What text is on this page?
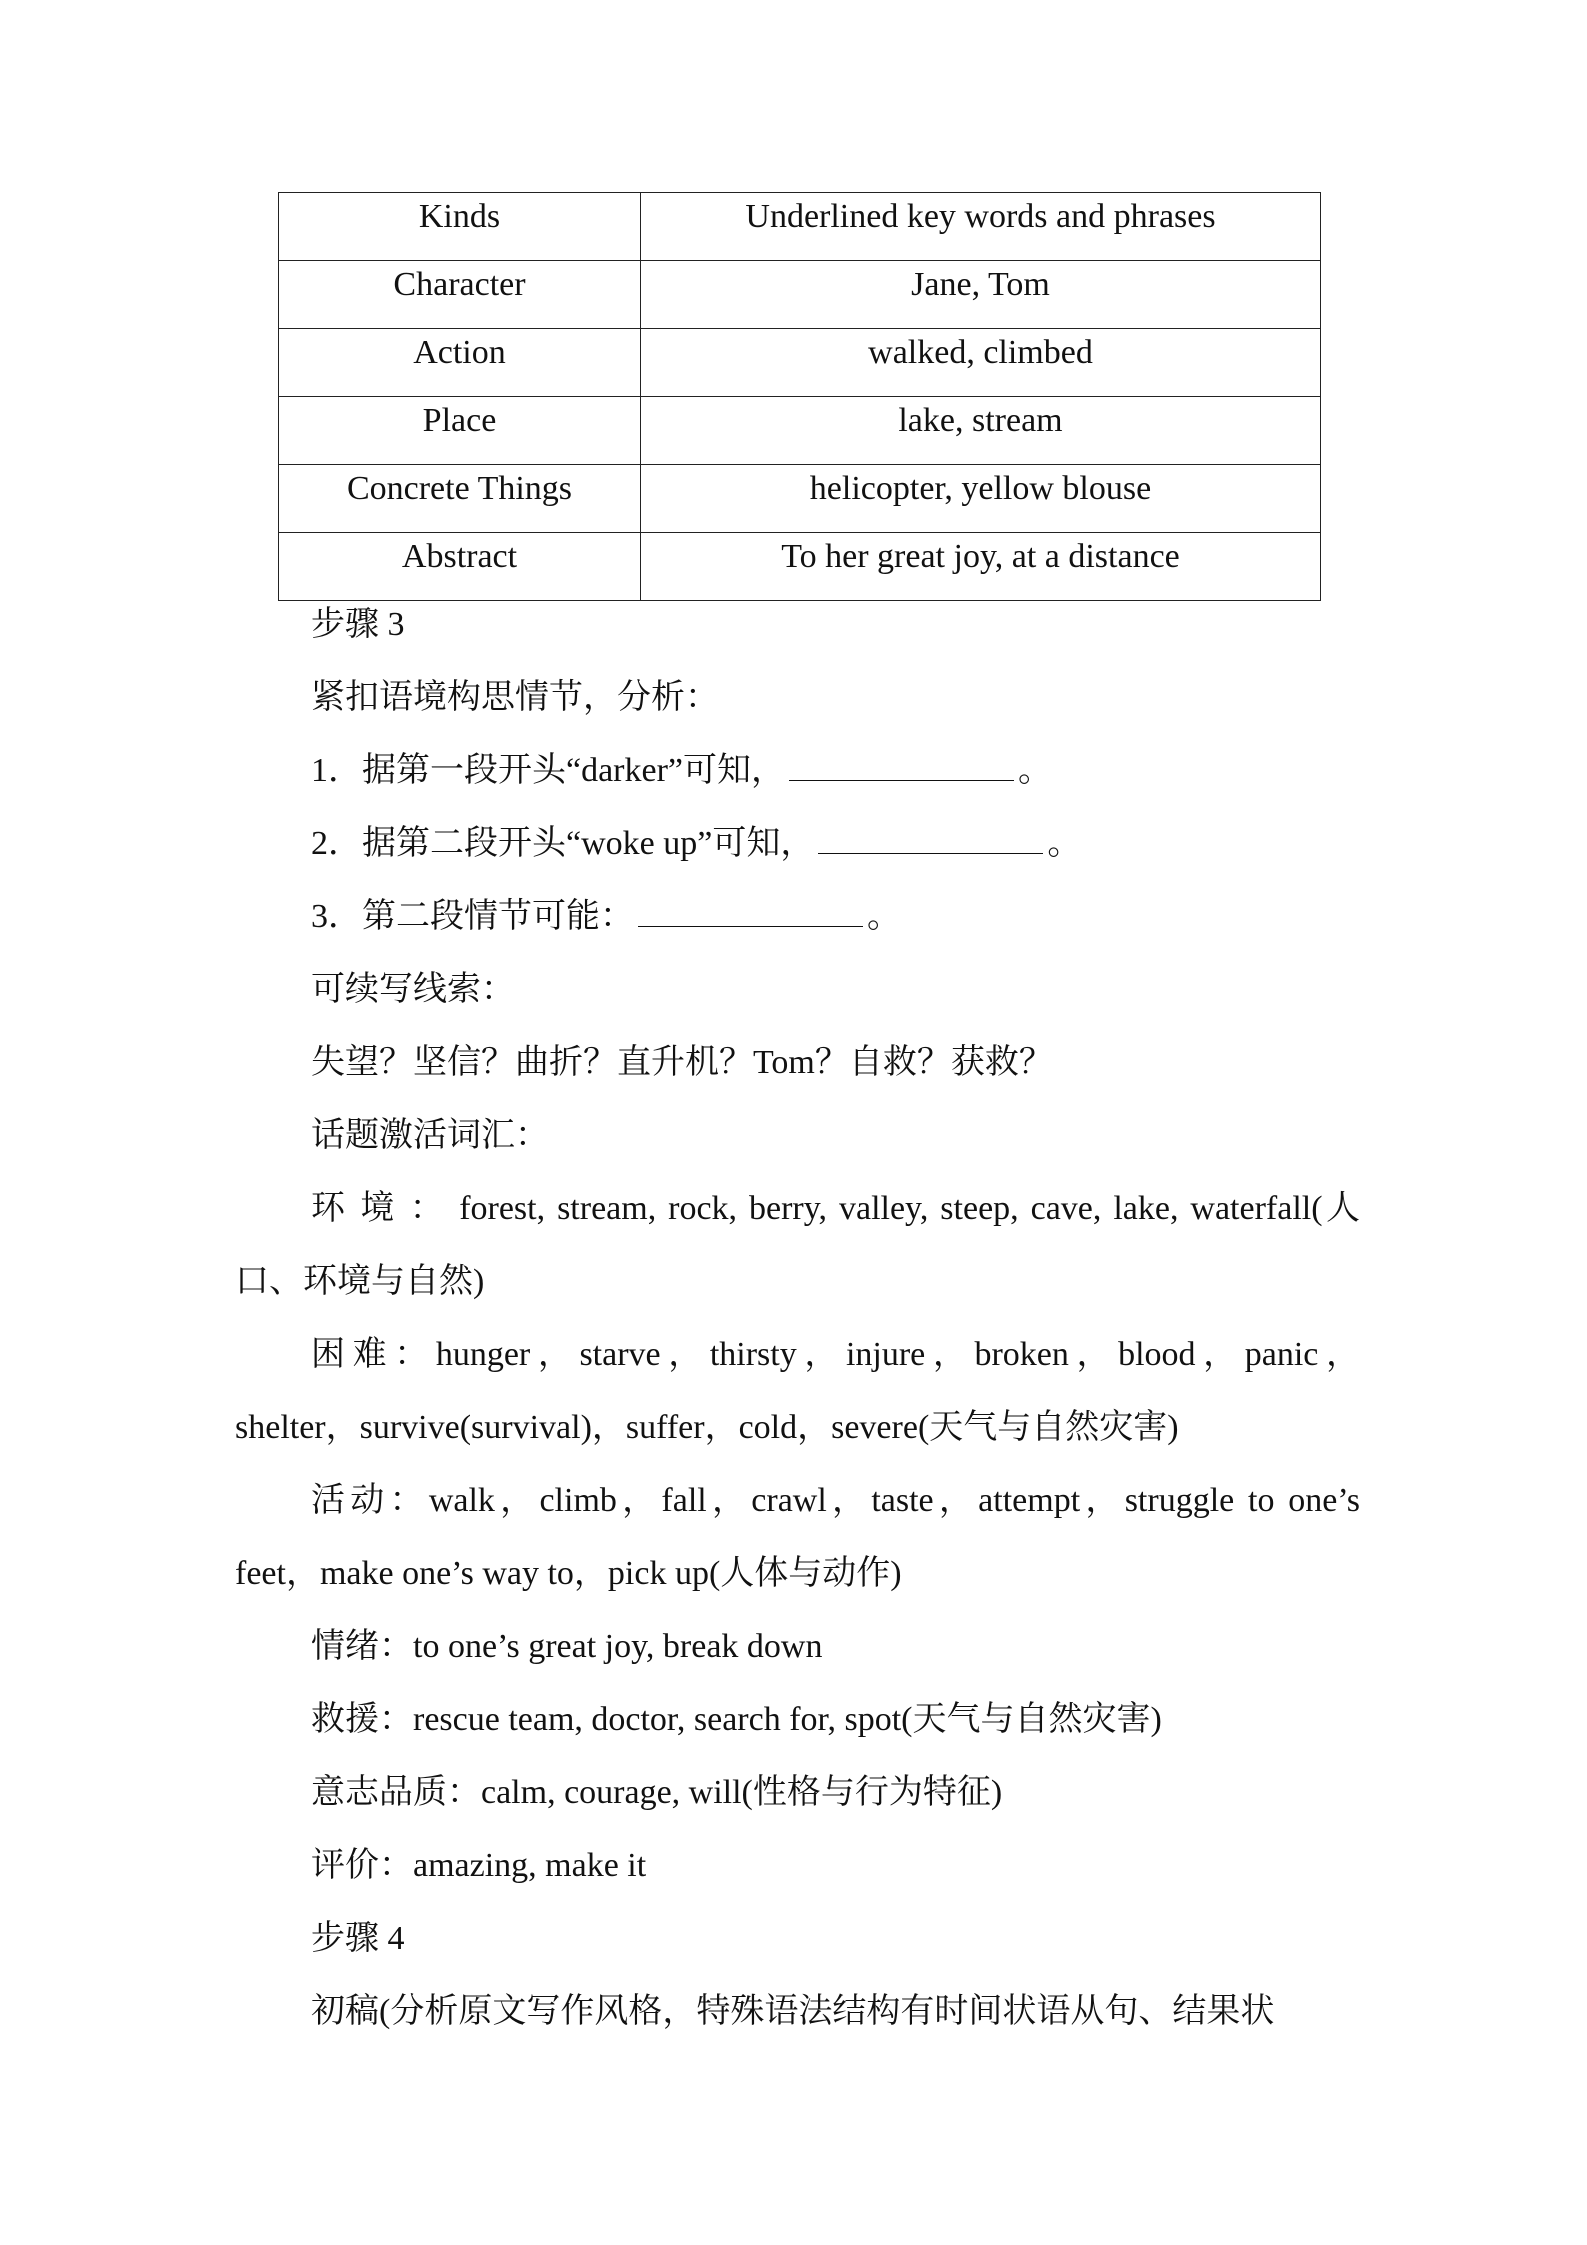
Kinds	Underlined key words and phrases
Character	Jane, Tom
Action	walked, climbed
Place	lake, stream
Concrete Things	helicopter, yellow blouse
Abstract	To her great joy, at a distance

步骤 3

紧扣语境构思情节，分析：

1．据第一段开头“darker”可知，	。

2．据第二段开头“woke up”可知，	。

3．第二段情节可能：	。

可续写线索：

失望？坚信？曲折？直升机？Tom？自救？获救？

话题激活词汇：

环 境 ： forest, stream, rock, berry, valley, steep, cave, lake, waterfall(人口、环境与自然)

困难：hunger，starve，thirsty，injure，broken，blood，panic，shelter，survive(survival)，suffer，cold，severe(天气与自然灾害)

活动：walk，climb，fall，crawl，taste，attempt，struggle to one’s feet，make one’s way to，pick up(人体与动作)

情绪：to one’s great joy, break down

救援：rescue team, doctor, search for, spot(天气与自然灾害)

意志品质：calm, courage, will(性格与行为特征)

评价：amazing, make it

步骤 4

初稿(分析原文写作风格，特殊语法结构有时间状语从句、结果状
